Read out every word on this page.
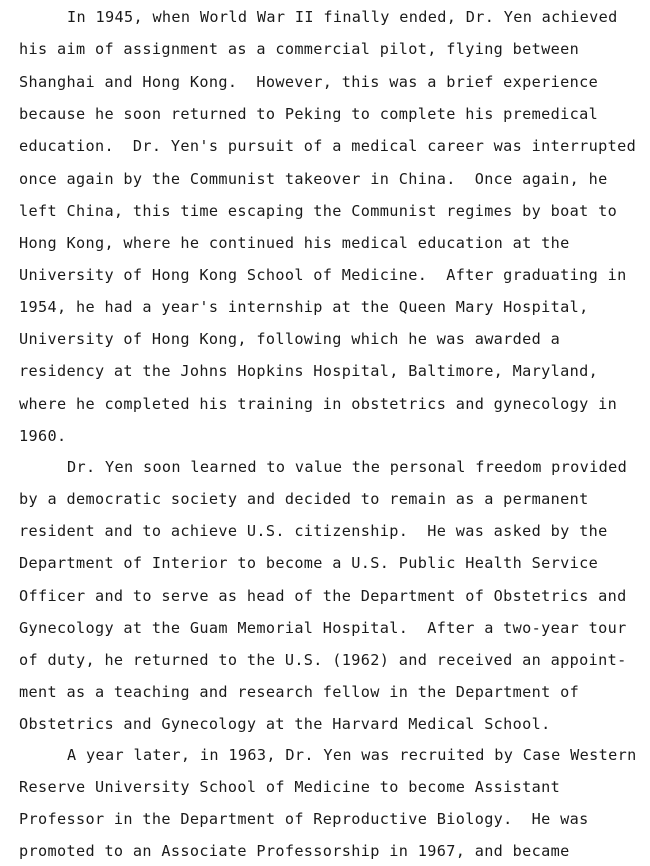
In 1945, when World War II finally ended, Dr. Yen achieved

his aim of assignment as a commercial pilot, flying between

Shanghai and Hong Kong.  However, this was a brief experience

because he soon returned to Peking to complete his premedical

education.  Dr. Yen's pursuit of a medical career was interrupted

once again by the Communist takeover in China.  Once again, he

left China, this time escaping the Communist regimes by boat to

Hong Kong, where he continued his medical education at the

University of Hong Kong School of Medicine.  After graduating in

1954, he had a year's internship at the Queen Mary Hospital,

University of Hong Kong, following which he was awarded a

residency at the Johns Hopkins Hospital, Baltimore, Maryland,

where he completed his training in obstetrics and gynecology in

1960.

Dr. Yen soon learned to value the personal freedom provided

by a democratic society and decided to remain as a permanent

resident and to achieve U.S. citizenship.  He was asked by the

Department of Interior to become a U.S. Public Health Service

Officer and to serve as head of the Department of Obstetrics and

Gynecology at the Guam Memorial Hospital.  After a two-year tour

of duty, he returned to the U.S. (1962) and received an appoint-

ment as a teaching and research fellow in the Department of

Obstetrics and Gynecology at the Harvard Medical School.

A year later, in 1963, Dr. Yen was recruited by Case Western

Reserve University School of Medicine to become Assistant

Professor in the Department of Reproductive Biology.  He was

promoted to an Associate Professorship in 1967, and became
